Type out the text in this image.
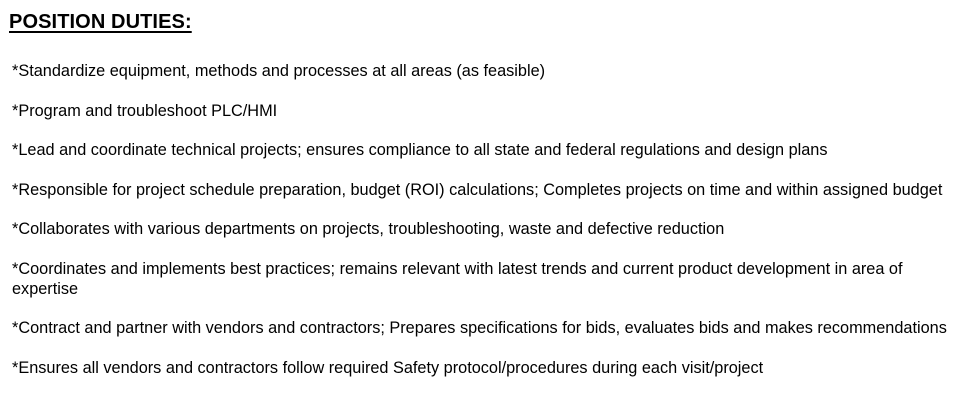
POSITION DUTIES:
*Standardize equipment, methods and processes at all areas (as feasible)
*Program and troubleshoot PLC/HMI
*Lead and coordinate technical projects; ensures compliance to all state and federal regulations and design plans
*Responsible for project schedule preparation, budget (ROI) calculations; Completes projects on time and within assigned budget
*Collaborates with various departments on projects, troubleshooting, waste and defective reduction
*Coordinates and implements best practices; remains relevant with latest trends and current product development in area of expertise
*Contract and partner with vendors and contractors; Prepares specifications for bids, evaluates bids and makes recommendations
*Ensures all vendors and contractors follow required Safety protocol/procedures during each visit/project
